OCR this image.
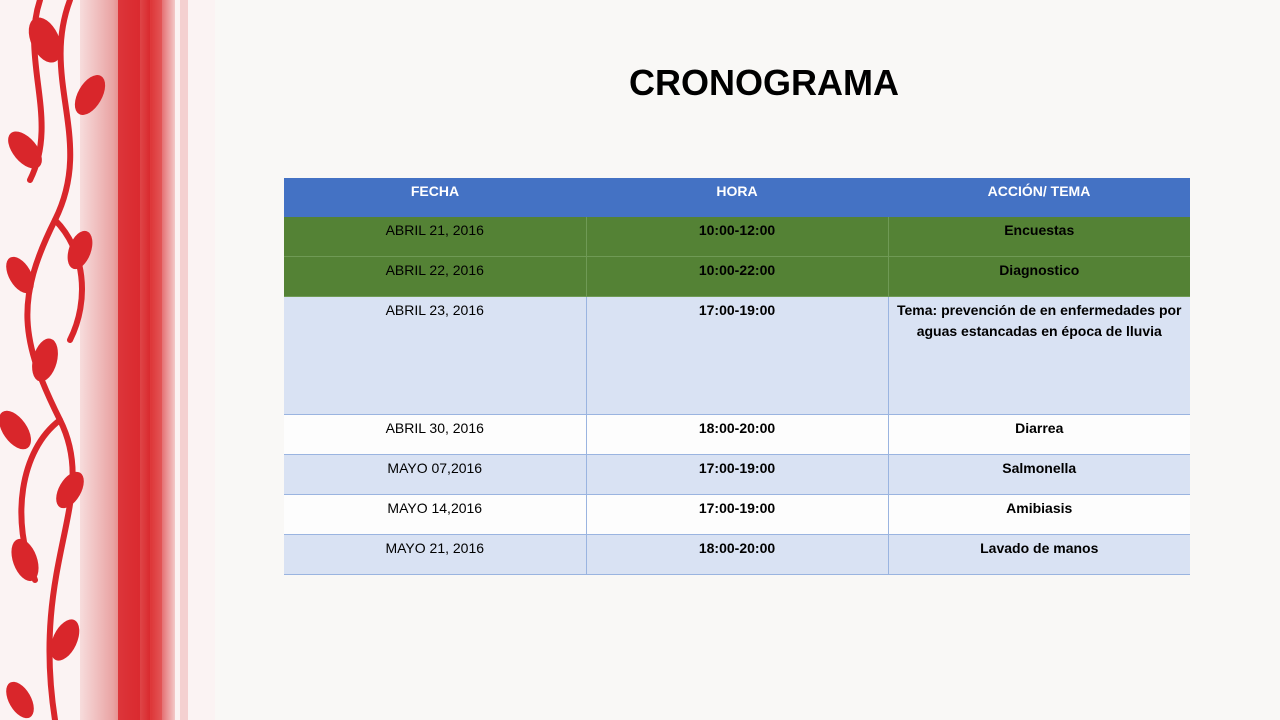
CRONOGRAMA
FECHA	HORA	ACCIÓN/ TEMA
ABRIL 21, 2016	10:00-12:00	Encuestas
ABRIL 22, 2016	10:00-22:00	Diagnostico
ABRIL 23, 2016	17:00-19:00	Tema: prevención de en enfermedades por aguas estancadas en época de lluvia
ABRIL 30, 2016	18:00-20:00	Diarrea
MAYO 07,2016	17:00-19:00	Salmonella
MAYO 14,2016	17:00-19:00	Amibiasis
MAYO 21, 2016	18:00-20:00	Lavado de manos
